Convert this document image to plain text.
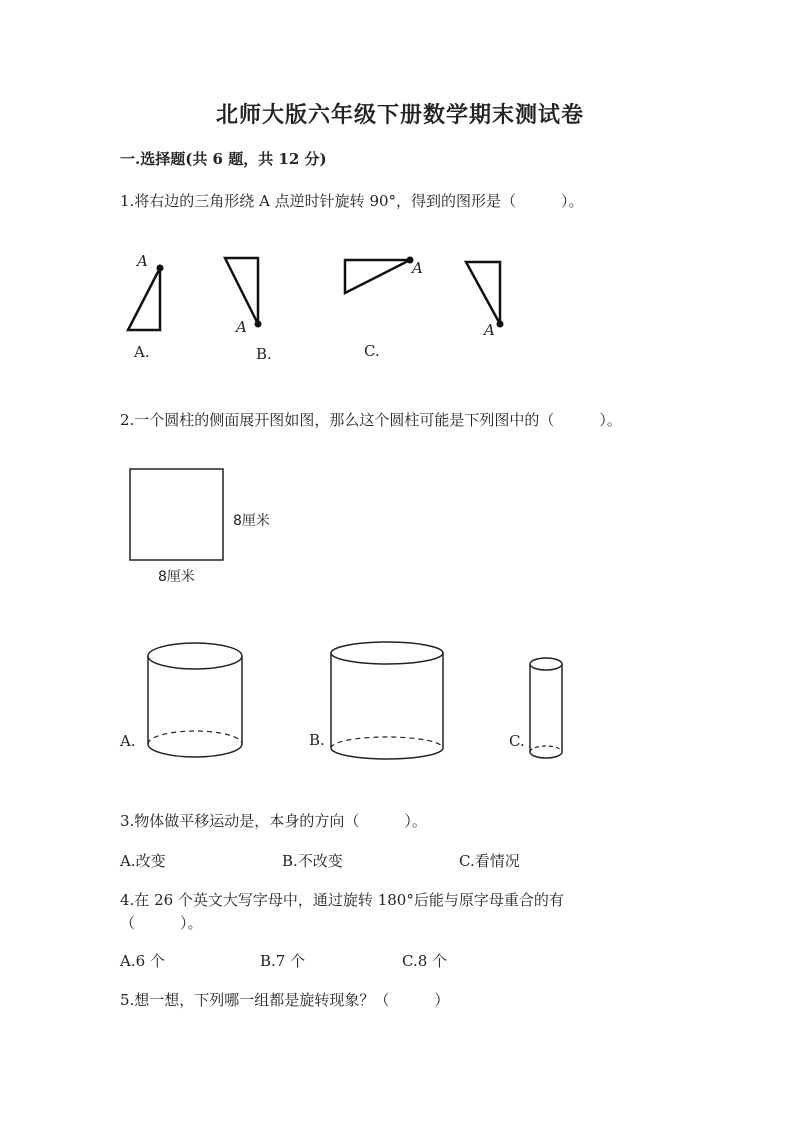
北师大版六年级下册数学期末测试卷
一.选择题(共 6 题，共 12 分)
1.将右边的三角形绕 A 点逆时针旋转 90°，得到的图形是（　　　）。
A
A.
A
B.
A
C.
A
2.一个圆柱的侧面展开图如图，那么这个圆柱可能是下列图中的（　　　）。
8厘米
8厘米
A.	B.	C.
3.物体做平移运动是，本身的方向（　　　）。
A.改变	B.不改变	C.看情况
4.在 26 个英文大写字母中，通过旋转 180°后能与原字母重合的有
（　　　）。
A.6 个	B.7 个	C.8 个
5.想一想，下列哪一组都是旋转现象？（　　　）
